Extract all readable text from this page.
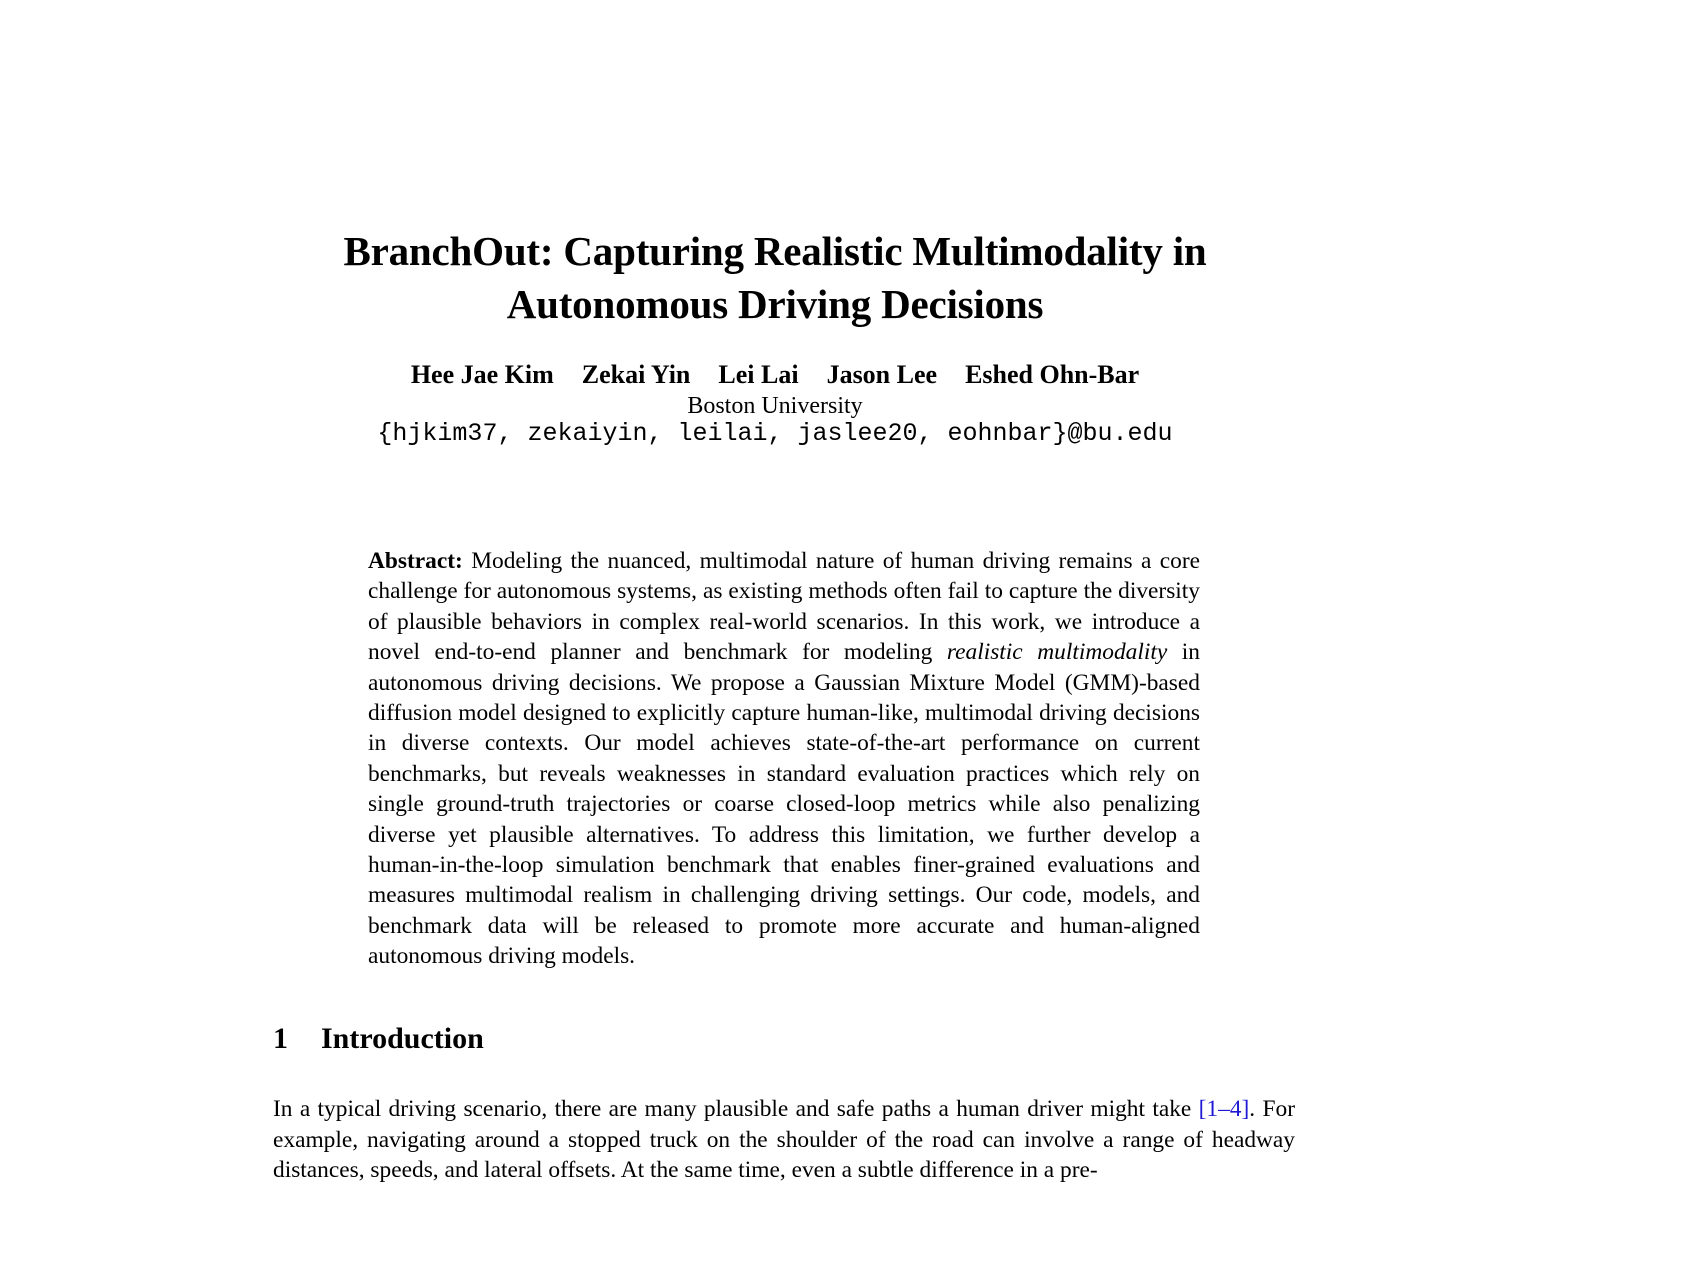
BranchOut: Capturing Realistic Multimodality in
Autonomous Driving Decisions
Hee Jae Kim Zekai Yin Lei Lai Jason Lee Eshed Ohn-Bar
Boston University
{hjkim37, zekaiyin, leilai, jaslee20, eohnbar}@bu.edu
Abstract: Modeling the nuanced, multimodal nature of human driving remains a core challenge for autonomous systems, as existing methods often fail to capture the diversity of plausible behaviors in complex real-world scenarios. In this work, we introduce a novel end-to-end planner and benchmark for modeling realistic multimodality in autonomous driving decisions. We propose a Gaussian Mixture Model (GMM)-based diffusion model designed to explicitly capture human-like, multimodal driving decisions in diverse contexts. Our model achieves state-of-the-art performance on current benchmarks, but reveals weaknesses in standard evaluation practices which rely on single ground-truth trajectories or coarse closed-loop metrics while also penalizing diverse yet plausible alternatives. To address this limitation, we further develop a human-in-the-loop simulation benchmark that enables finer-grained evaluations and measures multimodal realism in challenging driving settings. Our code, models, and benchmark data will be released to promote more accurate and human-aligned autonomous driving models.
1 Introduction
In a typical driving scenario, there are many plausible and safe paths a human driver might take [1–4]. For example, navigating around a stopped truck on the shoulder of the road can involve a range of headway distances, speeds, and lateral offsets. At the same time, even a subtle difference in a pre-
